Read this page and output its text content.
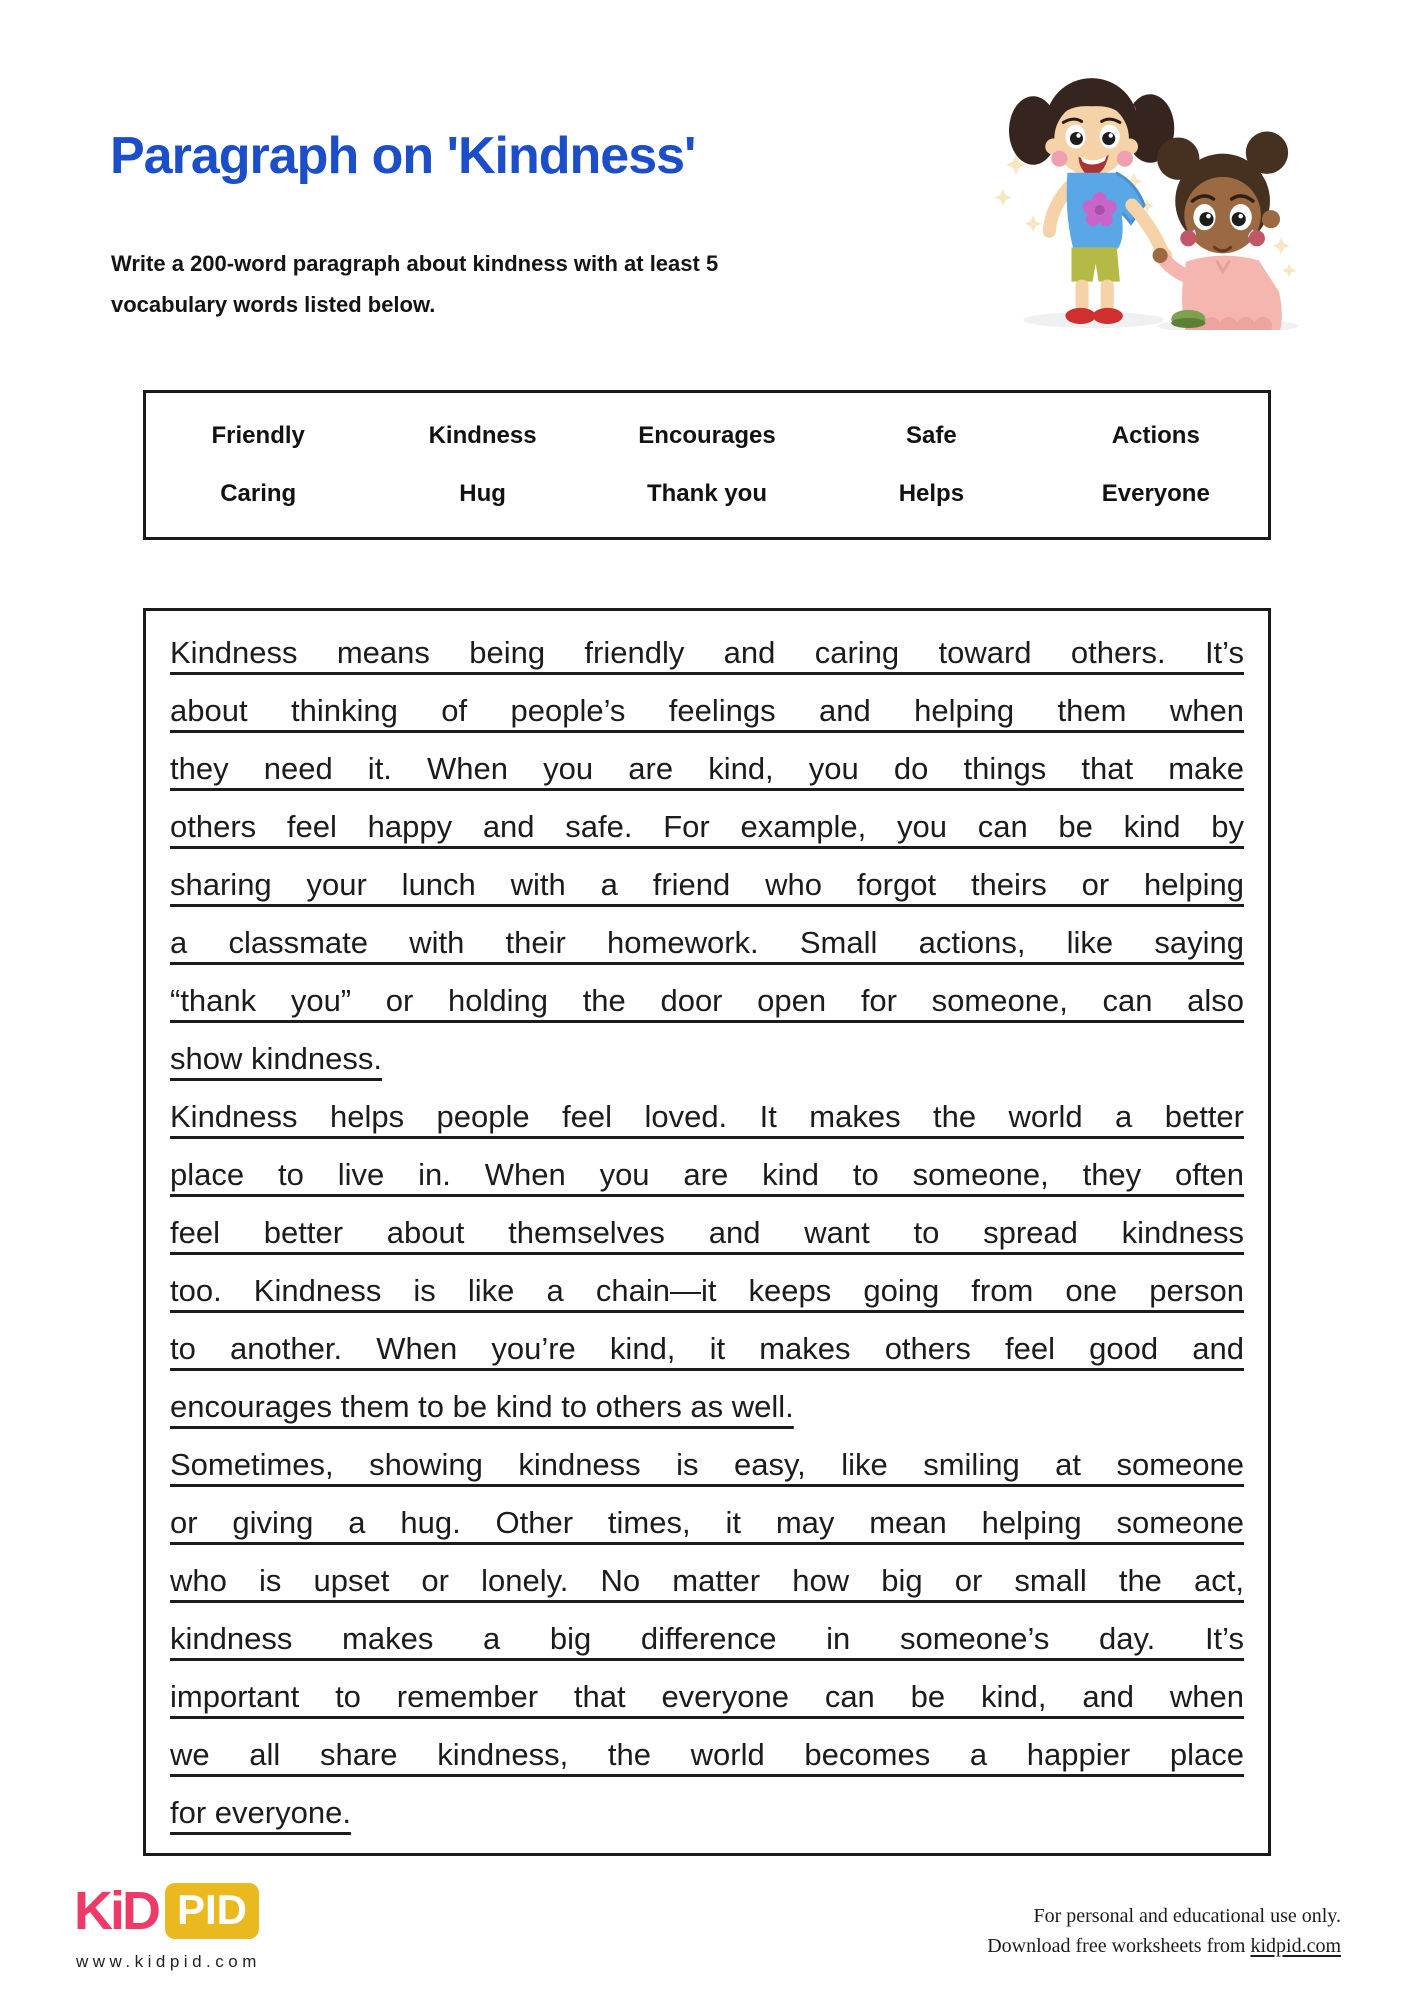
Paragraph on 'Kindness'
Write a 200-word paragraph about kindness with at least 5
vocabulary words listed below.
Friendly	Kindness	Encourages	Safe	Actions
Caring	Hug	Thank you	Helps	Everyone
Kindness means being friendly and caring toward others. It’s
about thinking of people’s feelings and helping them when
they need it. When you are kind, you do things that make
others feel happy and safe. For example, you can be kind by
sharing your lunch with a friend who forgot theirs or helping
a classmate with their homework. Small actions, like saying
“thank you” or holding the door open for someone, can also
show kindness.
Kindness helps people feel loved. It makes the world a better
place to live in. When you are kind to someone, they often
feel better about themselves and want to spread kindness
too. Kindness is like a chain—it keeps going from one person
to another. When you’re kind, it makes others feel good and
encourages them to be kind to others as well.
Sometimes, showing kindness is easy, like smiling at someone
or giving a hug. Other times, it may mean helping someone
who is upset or lonely. No matter how big or small the act,
kindness makes a big difference in someone’s day. It’s
important to remember that everyone can be kind, and when
we all share kindness, the world becomes a happier place
for everyone.
KiD PID
www.kidpid.com
For personal and educational use only.
Download free worksheets from kidpid.com
